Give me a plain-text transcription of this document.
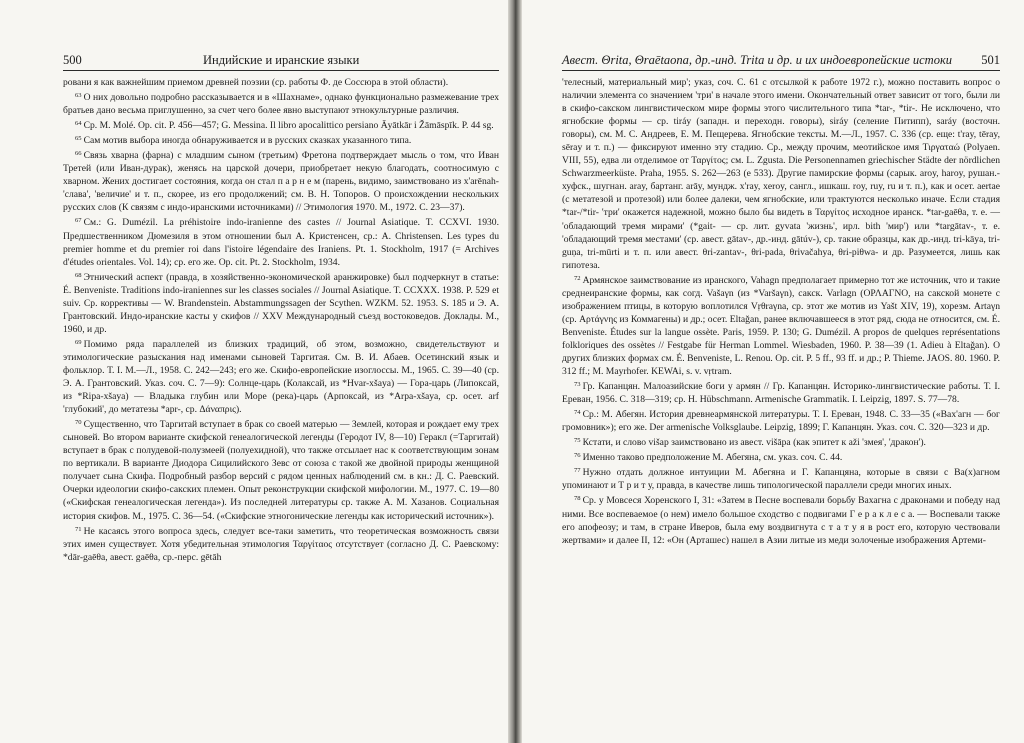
500	Индийские и иранские языки

ровани я как важнейшим приемом древней поэзии (ср. работы Ф. де Соссюра в этой области).

$^{63}$ О них довольно подробно рассказывается и в «Шахнаме», однако функционально размежевание трех братьев дано весьма приглушенно, за счет чего более явно выступают этнокультурные различия.

$^{64}$ Ср. M. Molé. Op. cit. P. 456—457; G. Messina. Il libro apocalittico persiano Āyātkār i Žāmāspīk. P. 44 sg.

$^{65}$ Сам мотив выбора иногда обнаруживается и в русских сказках указанного типа.

$^{66}$ Связь хварна (фарна) с младшим сыном (третьим) Фретона подтверждает мысль о том, что Иван Третей (или Иван-дурак), женясь на царской дочери, приобретает некую благодать, соотносимую с хварном. Жених достигает состояния, когда он стал п а р н е м (парень, видимо, заимствовано из x'arēnah- 'слава', 'величие' и т. п., скорее, из его продолжений; см. В. Н. Топоров. О происхождении нескольких русских слов (К связям с индо-иранскими источниками) // Этимология 1970. М., 1972. С. 23—37).

$^{67}$ См.: G. Dumézil. La préhistoire indo-iranienne des castes // Journal Asiatique. T. CCXVI. 1930. Предшественником Дюмезиля в этом отношении был А. Кристенсен, ср.: A. Christensen. Les types du premier homme et du premier roi dans l'istoire légendaire des Iraniens. Pt. 1. Stockholm, 1917 (= Archives d'études orientales. Vol. 14); ср. его же. Op. cit. Pt. 2. Stockholm, 1934.

$^{68}$ Этнический аспект (правда, в хозяйственно-экономической аранжировке) был подчеркнут в статье: É. Benveniste. Traditions indo-iraniennes sur les classes sociales // Journal Asiatique. T. CCXXX. 1938. P. 529 et suiv. Ср. коррективы — W. Brandenstein. Abstammungssagen der Scythen. WZKM. 52. 1953. S. 185 и Э. А. Грантовский. Индо-иранские касты у скифов // XXV Международный съезд востоковедов. Доклады. М., 1960, и др.

$^{69}$ Помимо ряда параллелей из близких традиций, об этом, возможно, свидетельствуют и этимологические разыскания над именами сыновей Таргитая. См. В. И. Абаев. Осетинский язык и фольклор. Т. I. М.—Л., 1958. С. 242—243; его же. Скифо-европейские изоглоссы. М., 1965. С. 39—40 (ср. Э. А. Грантовский. Указ. соч. С. 7—9): Солнце-царь (Колаксай, из *Hvar-xšaya) — Гора-царь (Липоксай, из *Ripa-xšaya) — Владыка глубин или Море (река)-царь (Арпоксай, из *Arpa-xšaya, ср. осет. arf 'глубокий', до метатезы *apr-, ср. Δάναπρις).

$^{70}$ Существенно, что Таргитай вступает в брак со своей матерью — Землей, которая и рождает ему трех сыновей. Во втором варианте скифской генеалогической легенды (Геродот IV, 8—10) Геракл (=Таргитай) вступает в брак с полудевой-полузмеей (полуехидной), что также отсылает нас к соответствующим зонам по вертикали. В варианте Диодора Сицилийского Зевс от союза с такой же двойной природы женщиной получает сына Скифа. Подробный разбор версий с рядом ценных наблюдений см. в кн.: Д. С. Раевский. Очерки идеологии скифо-сакских племен. Опыт реконструкции скифской мифологии. М., 1977. С. 19—80 («Скифская генеалогическая легенда»). Из последней литературы ср. также А. М. Хазанов. Социальная история скифов. М., 1975. С. 36—54. («Скифские этногонические легенды как исторический источник»).

$^{71}$ Не касаясь этого вопроса здесь, следует все-таки заметить, что теоретическая возможность связи этих имен существует. Хотя убедительная этимология Ταργίταος отсутствует (согласно Д. С. Раевскому: *dār-gaēθa, авест. gaēθa, ср.-перс. gētāh

Авест. Θrita, Θraētaona, др.-инд. Trita и др. и их индоевропейские истоки 501

'телесный, материальный мир'; указ, соч. С. 61 с отсылкой к работе 1972 г.), можно поставить вопрос о наличии элемента со значением 'три' в начале этого имени. Окончательный ответ зависит от того, были ли в скифо-сакском лингвистическом мире формы этого числительного типа *tar-, *tir-. Не исключено, что ягнобские формы — ср. tiráy (западн. и переходн. говоры), siráy (селение Питипп), saráy (восточн. говоры), см. М. С. Андреев, Е. М. Пещерева. Ягнобские тексты. М.—Л., 1957. С. 336 (ср. еще: t'ray, tēray, sēray и т. п.) — фиксируют именно эту стадию. Ср., между прочим, меотийское имя Τιργαταώ (Polyaen. VIII, 55), едва ли отделимое от Ταργίτος; см. L. Zgusta. Die Personennamen griechischer Städte der nördlichen Schwarzmeerküste. Praha, 1955. S. 262—263 (e 533). Другие памирские формы (сарык. aroy, haroy, рушан.-хуфск., шугнан. aray, бартанг. arāy, мундж. x'ray, xeroy, сангл., ишкаш. roy, ruy, ru и т. п.), как и осет. aertae (с метатезой и протезой) или более далеки, чем ягнобские, или трактуются несколько иначе. Если стадия *tar-/*tir- 'три' окажется надежной, можно было бы видеть в Ταργίτος исходное иранск. *tar-gaēθa, т. е. — 'обладающий тремя мирами' (*gait- — ср. лит. gyvata 'жизнь', ирл. bith 'мир') или *targātav-, т. е. 'обладающий тремя местами' (ср. авест. gātav-, др.-инд. gātúv-), ср. такие образцы, как др.-инд. tri-kāya, tri-guṇa, tri-mūrti и т. п. или авест. θri-zantav-, θri-pada, θrivačahya, θri-piθwa- и др. Разумеется, лишь как гипотеза.

$^{72}$ Армянское заимствование из иранского, Vahagn предполагает примерно тот же источник, что и такие среднеиранские формы, как согд. Vašaγn (из *Varšaγn), сакск. Varlagn (ΟΡΛΑΓΝΟ, на сакской монете с изображением птицы, в которую воплотился Vṛθraγna, ср. этот же мотив из Yašt XIV, 19), хорезм. Artaγn (ср. Αρτάγνης из Коммагены) и др.; осет. Eltaǧan, ранее включавшееся в этот ряд, сюда не относится, см. É. Benveniste. Études sur la langue ossète. Paris, 1959. P. 130; G. Dumézil. A propos de quelques représentations folkloriques des ossètes // Festgabe für Herman Lommel. Wiesbaden, 1960. P. 38—39 (1. Adieu à Eltaǧan). О других близких формах см. É. Benveniste, L. Renou. Op. cit. P. 5 ff., 93 ff. и др.; P. Thieme. JAOS. 80. 1960. P. 312 ff.; M. Mayrhofer. KEWAi, s. v. vṛtram.

$^{73}$ Гр. Капанцян. Малоазийские боги у армян // Гр. Капанцян. Историко-лингвистические работы. Т. I. Ереван, 1956. С. 318—319; ср. H. Hübschmann. Armenische Grammatik. I. Leipzig, 1897. S. 77—78.

$^{74}$ Ср.: М. Абегян. История древнеармянской литературы. Т. I. Ереван, 1948. С. 33—35 («Вах'агн — бог громовник»); его же. Der armenische Volksglaube. Leipzig, 1899; Г. Капанцян. Указ. соч. С. 320—323 и др.

$^{75}$ Кстати, и слово višap заимствовано из авест. višāpa (как эпитет к aži 'змея', 'дракон').

$^{76}$ Именно таково предположение М. Абегяна, см. указ. соч. С. 44.

$^{77}$ Нужно отдать должное интуиции М. Абегяна и Г. Капанцяна, которые в связи с Ва(х)агном упоминают и Т р и т у, правда, в качестве лишь типологической параллели среди многих иных.

$^{78}$ Ср. у Мовсеся Хоренского I, 31: «Затем в Песне воспевали борьбу Вахагна с драконами и победу над ними. Все воспеваемое (о нем) имело большое сходство с подвигами Г е р а к л е с а. — Воспевали также его апофеозу; и там, в стране Иверов, была ему воздвигнута с т а т у я в рост его, которую чествовали жертвами» и далее II, 12: «Он (Арташес) нашел в Азии литые из меди золоченые изображения Артеми-
